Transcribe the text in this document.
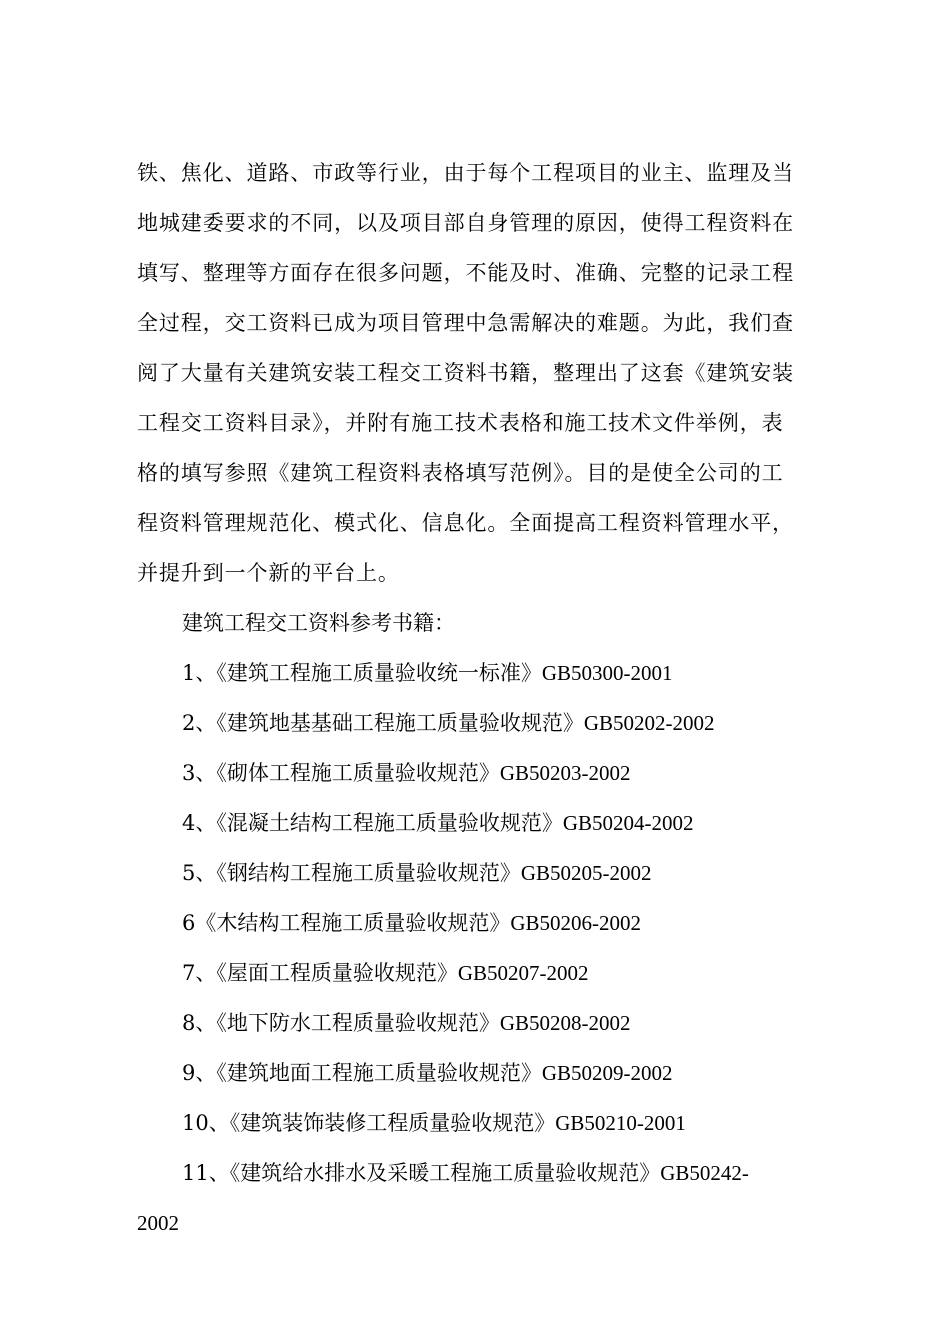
铁、焦化、道路、市政等行业，由于每个工程项目的业主、监理及当
地城建委要求的不同，以及项目部自身管理的原因，使得工程资料在
填写、整理等方面存在很多问题，不能及时、准确、完整的记录工程
全过程，交工资料已成为项目管理中急需解决的难题。为此，我们查
阅了大量有关建筑安装工程交工资料书籍，整理出了这套《建筑安装
工程交工资料目录》，并附有施工技术表格和施工技术文件举例，表
格的填写参照《建筑工程资料表格填写范例》。目的是使全公司的工
程资料管理规范化、模式化、信息化。全面提高工程资料管理水平，
并提升到一个新的平台上。
建筑工程交工资料参考书籍：
1、《建筑工程施工质量验收统一标准》GB50300-2001
2、《建筑地基基础工程施工质量验收规范》GB50202-2002
3、《砌体工程施工质量验收规范》GB50203-2002
4、《混凝土结构工程施工质量验收规范》GB50204-2002
5、《钢结构工程施工质量验收规范》GB50205-2002
6《木结构工程施工质量验收规范》GB50206-2002
7、《屋面工程质量验收规范》GB50207-2002
8、《地下防水工程质量验收规范》GB50208-2002
9、《建筑地面工程施工质量验收规范》GB50209-2002
10、《建筑装饰装修工程质量验收规范》GB50210-2001
11、《建筑给水排水及采暖工程施工质量验收规范》GB50242-
2002
